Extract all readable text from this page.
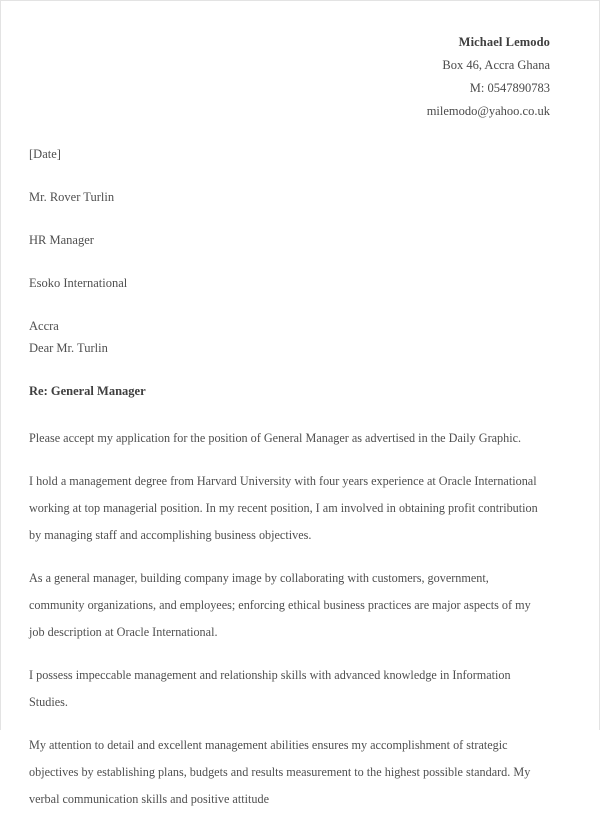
Michael Lemodo
Box 46, Accra Ghana
M: 0547890783
milemodo@yahoo.co.uk
[Date]
Mr. Rover Turlin
HR Manager
Esoko International
Accra
Dear Mr. Turlin
Re: General Manager

Please accept my application for the position of General Manager as advertised in the Daily Graphic.

I hold a management degree from Harvard University with four years experience at Oracle International working at top managerial position. In my recent position, I am involved in obtaining profit contribution by managing staff and accomplishing business objectives.

As a general manager, building company image by collaborating with customers, government, community organizations, and employees; enforcing ethical business practices are major aspects of my job description at Oracle International.

I possess impeccable management and relationship skills with advanced knowledge in Information Studies.

My attention to detail and excellent management abilities ensures my accomplishment of strategic objectives by establishing plans, budgets and results measurement to the highest possible standard. My verbal communication skills and positive attitude
